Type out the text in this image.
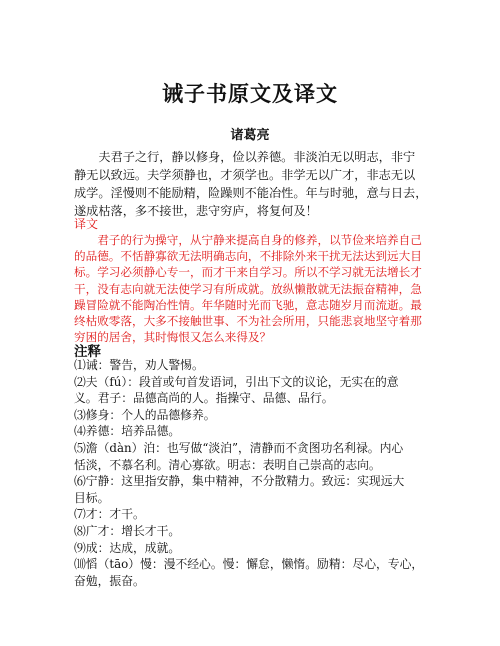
诫子书原文及译文
诸葛亮
　　夫君子之行，静以修身，俭以养德。非淡泊无以明志，非宁
静无以致远。夫学须静也，才须学也。非学无以广才，非志无以
成学。淫慢则不能励精，险躁则不能冶性。年与时驰，意与日去，
遂成枯落，多不接世，悲守穷庐，将复何及！
译文
　　君子的行为操守，从宁静来提高自身的修养，以节俭来培养自己
的品德。不恬静寡欲无法明确志向，不排除外来干扰无法达到远大目
标。学习必须静心专一，而才干来自学习。所以不学习就无法增长才
干，没有志向就无法使学习有所成就。放纵懒散就无法振奋精神，急
躁冒险就不能陶冶性情。年华随时光而飞驰，意志随岁月而流逝。最
终枯败零落，大多不接触世事、不为社会所用，只能悲哀地坚守着那
穷困的居舍，其时悔恨又怎么来得及？
注释
⑴诫：警告，劝人警惕。
⑵夫（fú）：段首或句首发语词，引出下文的议论，无实在的意
义。君子：品德高尚的人。指操守、品德、品行。
⑶修身：个人的品德修养。
⑷养德：培养品德。
⑸澹（dàn）泊：也写做“淡泊”，清静而不贪图功名利禄。内心
恬淡，不慕名利。清心寡欲。明志：表明自己崇高的志向。
⑹宁静：这里指安静，集中精神，不分散精力。致远：实现远大
目标。
⑺才：才干。
⑻广才：增长才干。
⑼成：达成，成就。
⑽慆（tāo）慢：漫不经心。慢：懈怠，懒惰。励精：尽心，专心，
奋勉，振奋。
